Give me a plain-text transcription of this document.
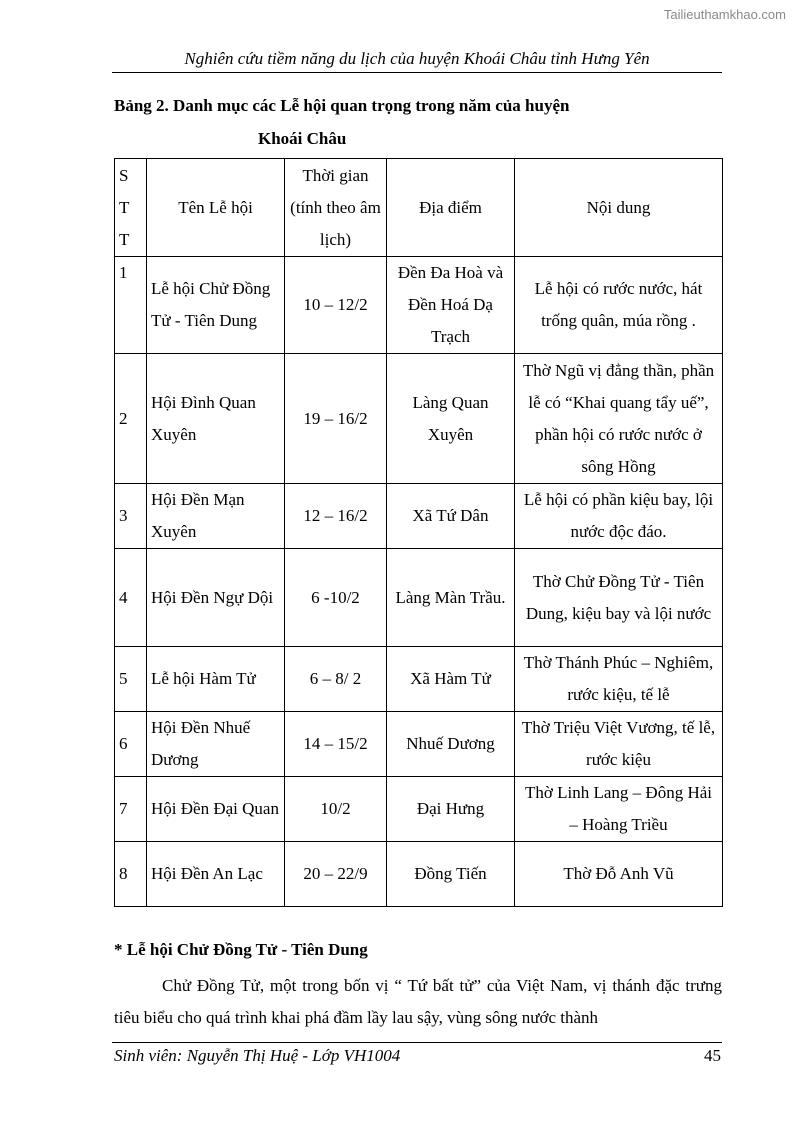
Tailieuthamkhao.com
Nghiên cứu tiềm năng du lịch của huyện Khoái Châu tỉnh Hưng Yên
Bảng 2. Danh mục các Lễ hội quan trọng trong năm của huyện
Khoái Châu
S
T
T	Tên Lễ hội	Thời gian (tính theo âm lịch)	Địa điểm	Nội dung
1	Lễ hội Chử Đồng Tử - Tiên Dung	10 – 12/2	Đền Đa Hoà và Đền Hoá Dạ Trạch	Lễ hội có rước nước, hát trống quân, múa rồng .
2	Hội Đình Quan Xuyên	19 – 16/2	Làng Quan Xuyên	Thờ Ngũ vị đẳng thần, phần lễ có “Khai quang tẩy uế”, phần hội có rước nước ở sông Hồng
3	Hội Đền Mạn Xuyên	12 – 16/2	Xã Tứ Dân	Lễ hội có phần kiệu bay, lội nước độc đáo.
4	Hội Đền Ngự Dội	6 -10/2	Làng Màn Trầu.	Thờ Chử Đồng Tử - Tiên Dung, kiệu bay và lội nước
5	Lễ hội Hàm Tử	6 – 8/ 2	Xã Hàm Tử	Thờ Thánh Phúc – Nghiêm, rước kiệu, tế lễ
6	Hội Đền Nhuế Dương	14 – 15/2	Nhuế Dương	Thờ Triệu Việt Vương, tế lễ, rước kiệu
7	Hội Đền Đại Quan	10/2	Đại Hưng	Thờ Linh Lang – Đông Hải – Hoàng Triều
8	Hội Đền An Lạc	20 – 22/9	Đồng Tiến	Thờ Đỗ Anh Vũ
* Lễ hội Chử Đồng Tử - Tiên Dung
Chử Đồng Tử, một trong bốn vị “ Tứ bất tử” của Việt Nam, vị thánh đặc trưng tiêu biểu cho quá trình khai phá đầm lầy lau sậy, vùng sông nước thành
Sinh viên: Nguyễn Thị Huệ - Lớp VH1004	45
